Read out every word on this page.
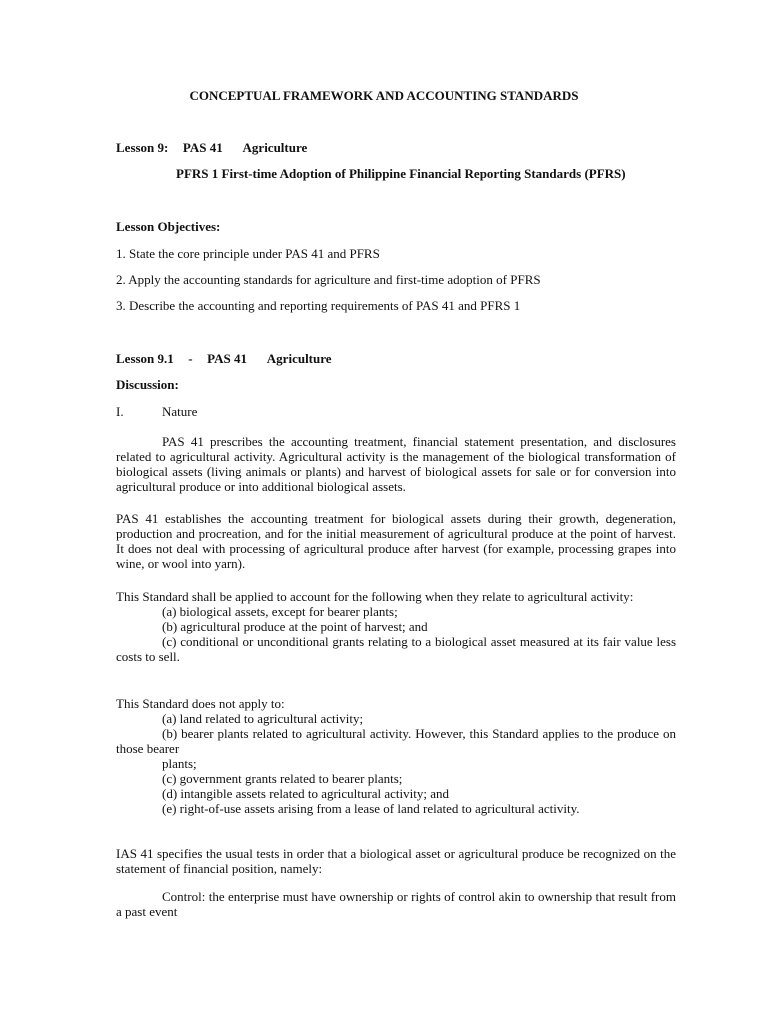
CONCEPTUAL FRAMEWORK AND ACCOUNTING STANDARDS
Lesson 9: PAS 41 Agriculture
PFRS 1 First-time Adoption of Philippine Financial Reporting Standards (PFRS)
Lesson Objectives:
1. State the core principle under PAS 41 and PFRS
2. Apply the accounting standards for agriculture and first-time adoption of PFRS
3. Describe the accounting and reporting requirements of PAS 41 and PFRS 1
Lesson 9.1 - PAS 41 Agriculture
Discussion:
I.	Nature
PAS 41 prescribes the accounting treatment, financial statement presentation, and disclosures related to agricultural activity. Agricultural activity is the management of the biological transformation of biological assets (living animals or plants) and harvest of biological assets for sale or for conversion into agricultural produce or into additional biological assets.
PAS 41 establishes the accounting treatment for biological assets during their growth, degeneration, production and procreation, and for the initial measurement of agricultural produce at the point of harvest. It does not deal with processing of agricultural produce after harvest (for example, processing grapes into wine, or wool into yarn).
This Standard shall be applied to account for the following when they relate to agricultural activity:
(a) biological assets, except for bearer plants;
(b) agricultural produce at the point of harvest; and
(c) conditional or unconditional grants relating to a biological asset measured at its fair value less costs to sell.
This Standard does not apply to:
(a) land related to agricultural activity;
(b) bearer plants related to agricultural activity. However, this Standard applies to the produce on those bearer
plants;
(c) government grants related to bearer plants;
(d) intangible assets related to agricultural activity; and
(e) right-of-use assets arising from a lease of land related to agricultural activity.
IAS 41 specifies the usual tests in order that a biological asset or agricultural produce be recognized on the statement of financial position, namely:
Control: the enterprise must have ownership or rights of control akin to ownership that result from a past event
